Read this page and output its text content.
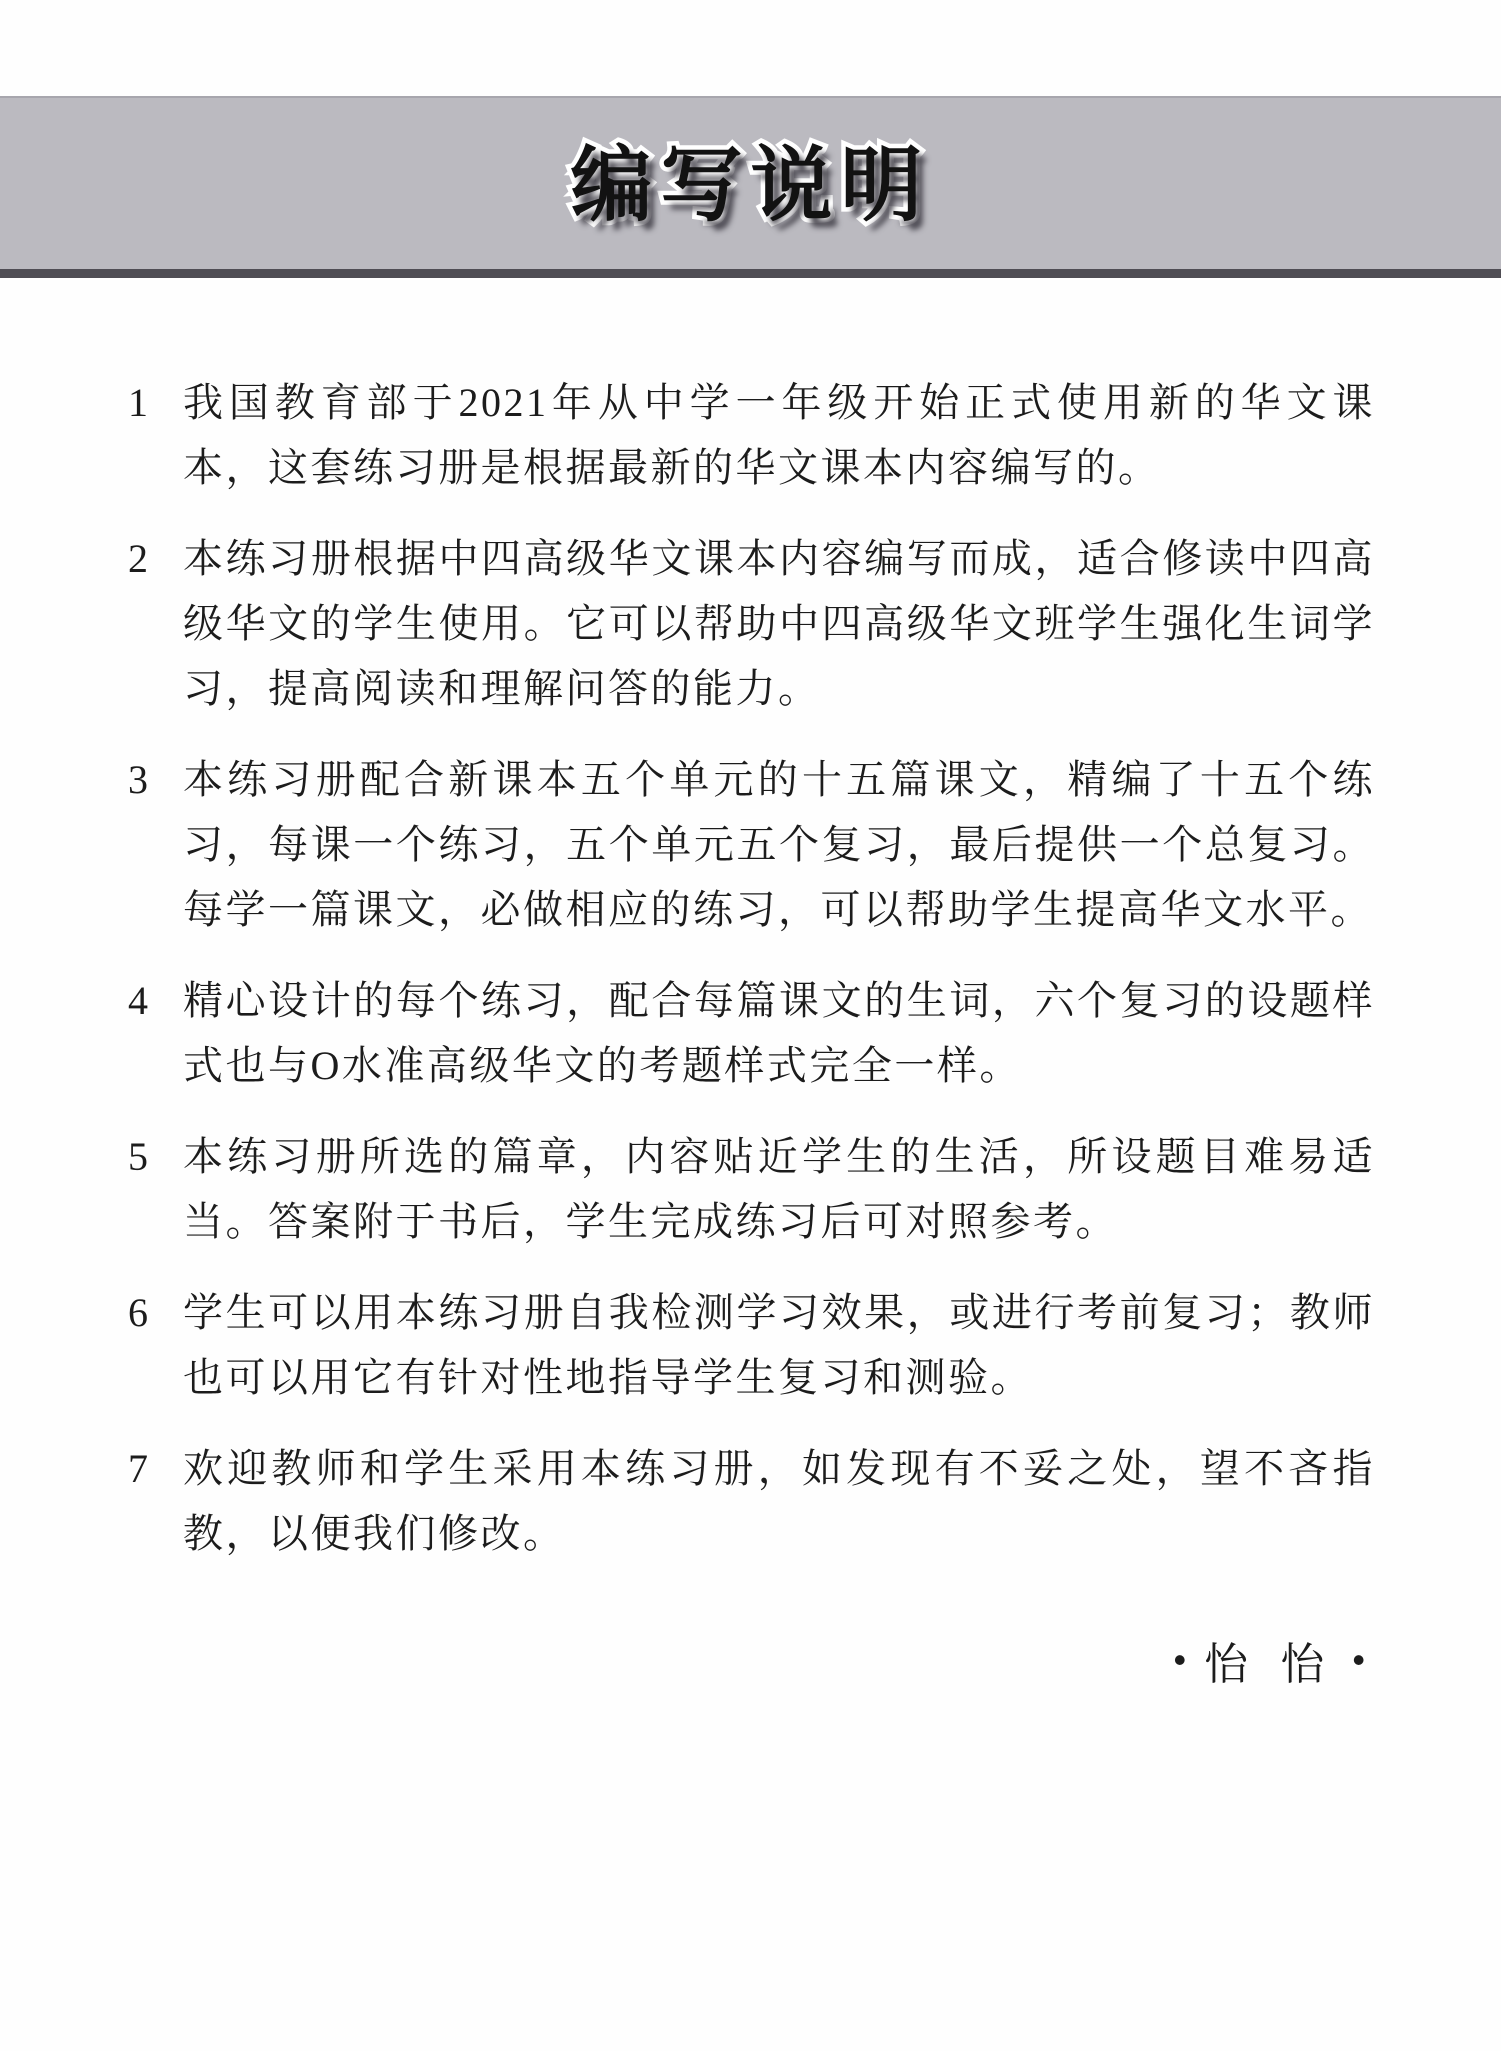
编写说明
1 我国教育部于2021年从中学一年级开始正式使用新的华文课本，这套练习册是根据最新的华文课本内容编写的。

2 本练习册根据中四高级华文课本内容编写而成，适合修读中四高级华文的学生使用。它可以帮助中四高级华文班学生强化生词学习，提高阅读和理解问答的能力。

3 本练习册配合新课本五个单元的十五篇课文，精编了十五个练习，每课一个练习，五个单元五个复习，最后提供一个总复习。每学一篇课文，必做相应的练习，可以帮助学生提高华文水平。

4 精心设计的每个练习，配合每篇课文的生词，六个复习的设题样式也与O水准高级华文的考题样式完全一样。

5 本练习册所选的篇章，内容贴近学生的生活，所设题目难易适当。答案附于书后，学生完成练习后可对照参考。

6 学生可以用本练习册自我检测学习效果，或进行考前复习；教师也可以用它有针对性地指导学生复习和测验。

7 欢迎教师和学生采用本练习册，如发现有不妥之处，望不吝指教，以便我们修改。

• 怡 怡 •
